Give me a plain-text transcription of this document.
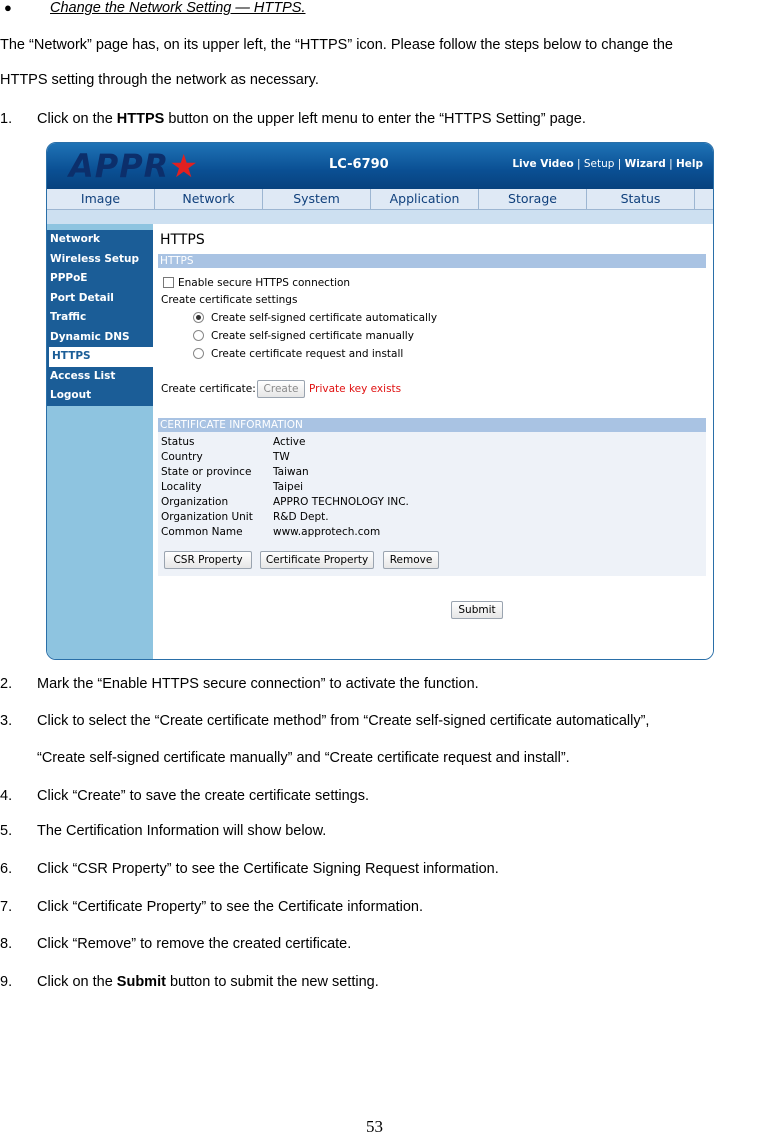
●	Change the Network Setting — HTTPS.
The “Network” page has, on its upper left, the “HTTPS” icon. Please follow the steps below to change the
HTTPS setting through the network as necessary.
1. Click on the HTTPS button on the upper left menu to enter the “HTTPS Setting” page.
APPR★	LC-6790	Live Video | Setup | Wizard | Help
Image	Network	System	Application	Storage	Status
Network
Wireless Setup
PPPoE
Port Detail
Traffic
Dynamic DNS
HTTPS
Access List
Logout
HTTPS
HTTPS
Enable secure HTTPS connection
Create certificate settings
Create self-signed certificate automatically
Create self-signed certificate manually
Create certificate request and install
Create certificate: Create	Private key exists
Status	Active
Country	TW
State or province Taiwan
Locality	Taipei
Organization	APPRO TECHNOLOGY INC.
Organization Unit R&D Dept.
Common Name	www.approtech.com
CSR Property	Certificate Property	Remove
CERTIFICATE INFORMATION
Submit
2. Mark the “Enable HTTPS secure connection” to activate the function.
3. Click to select the “Create certificate method” from “Create self-signed certificate automatically”,
“Create self-signed certificate manually” and “Create certificate request and install”.
4. Click “Create” to save the create certificate settings.
5. The Certification Information will show below.
6. Click “CSR Property” to see the Certificate Signing Request information.
7. Click “Certificate Property” to see the Certificate information.
8. Click “Remove” to remove the created certificate.
9. Click on the Submit button to submit the new setting.
53
